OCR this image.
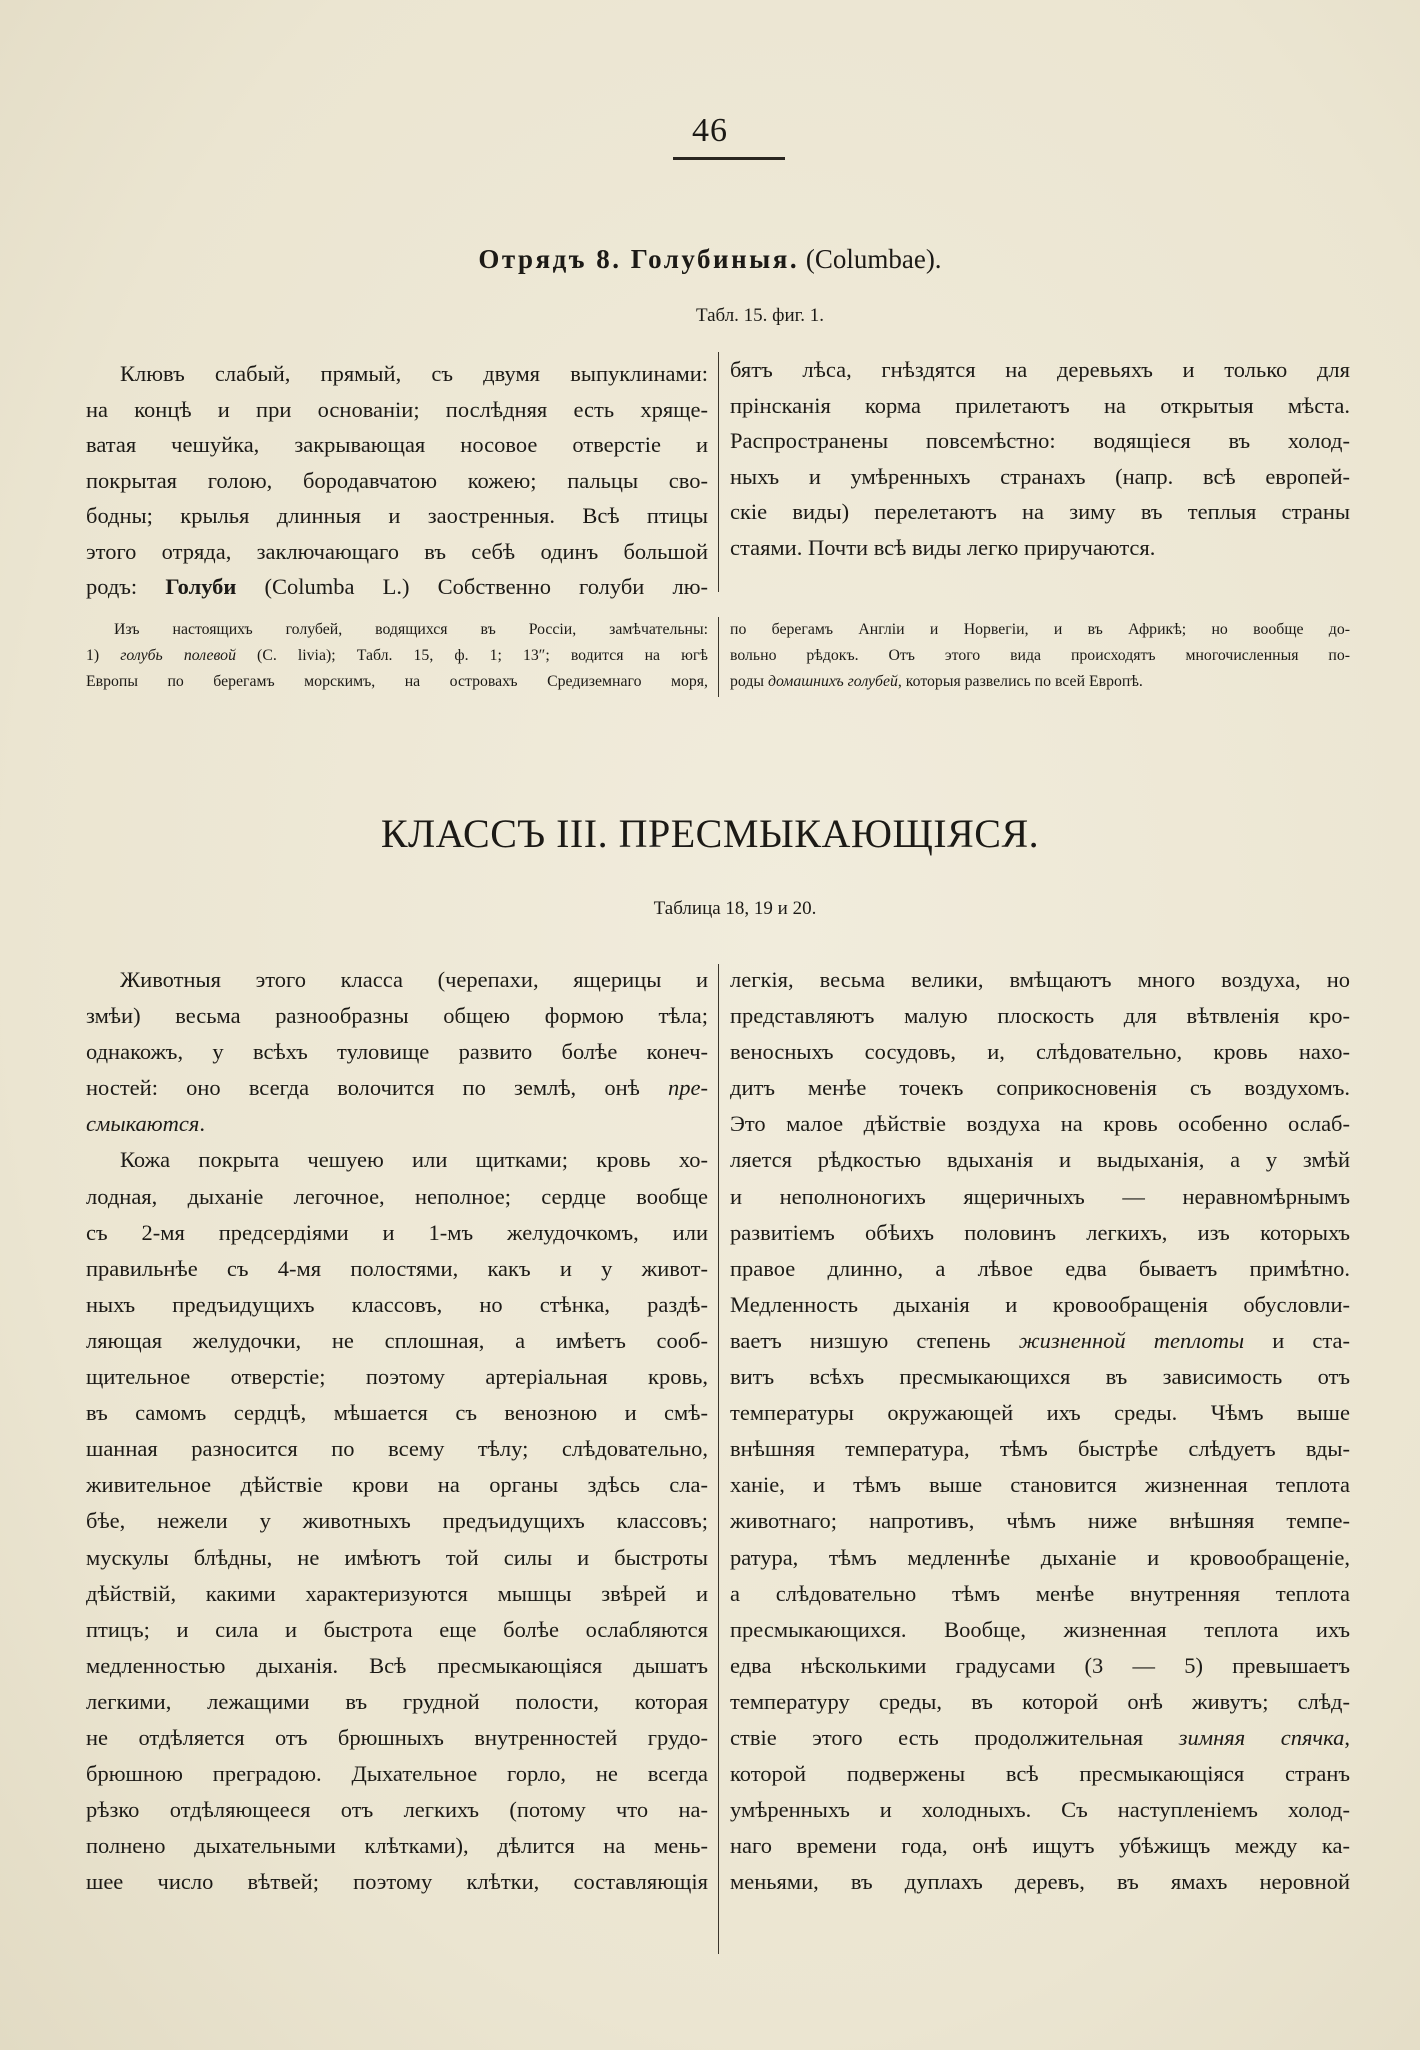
46
Отрядъ 8. Голубиныя. (Columbae).
Табл. 15. фиг. 1.
Клювъ слабый, прямый, съ двумя выпуклинами:
на концѣ и при основаніи; послѣдняя есть хряще-
ватая чешуйка, закрывающая носовое отверстіе и
покрытая голою, бородавчатою кожею; пальцы сво-
бодны; крылья длинныя и заостренныя. Всѣ птицы
этого отряда, заключающаго въ себѣ одинъ большой
родъ: Голуби (Columba L.) Собственно голуби лю-
бятъ лѣса, гнѣздятся на деревьяхъ и только для
прінсканія корма прилетаютъ на открытыя мѣста.
Распространены повсемѣстно: водящіеся въ холод-
ныхъ и умѣренныхъ странахъ (напр. всѣ европей-
скіе виды) перелетаютъ на зиму въ теплыя страны
стаями. Почти всѣ виды легко приручаются.
Изъ настоящихъ голубей, водящихся въ Россіи, замѣчательны:
1) голубь полевой (C. livia); Табл. 15, ф. 1; 13″; водится на югѣ
Европы по берегамъ морскимъ, на островахъ Средиземнаго моря,
по берегамъ Англіи и Норвегіи, и въ Африкѣ; но вообще до-
вольно рѣдокъ. Отъ этого вида происходятъ многочисленныя по-
роды домашнихъ голубей, которыя развелись по всей Европѣ.
КЛАССЪ III. ПРЕСМЫКАЮЩІЯСЯ.
Таблица 18, 19 и 20.
Животныя этого класса (черепахи, ящерицы и
змѣи) весьма разнообразны общею формою тѣла;
однакожъ, у всѣхъ туловище развито болѣе конеч-
ностей: оно всегда волочится по землѣ, онѣ пре-
смыкаются.
Кожа покрыта чешуею или щитками; кровь хо-
лодная, дыханіе легочное, неполное; сердце вообще
съ 2-мя предсердіями и 1-мъ желудочкомъ, или
правильнѣе съ 4-мя полостями, какъ и у живот-
ныхъ предъидущихъ классовъ, но стѣнка, раздѣ-
ляющая желудочки, не сплошная, а имѣетъ сооб-
щительное отверстіе; поэтому артеріальная кровь,
въ самомъ сердцѣ, мѣшается съ венозною и смѣ-
шанная разносится по всему тѣлу; слѣдовательно,
живительное дѣйствіе крови на органы здѣсь сла-
бѣе, нежели у животныхъ предъидущихъ классовъ;
мускулы блѣдны, не имѣютъ той силы и быстроты
дѣйствій, какими характеризуются мышцы звѣрей и
птицъ; и сила и быстрота еще болѣе ослабляются
медленностью дыханія. Всѣ пресмыкающіяся дышатъ
легкими, лежащими въ грудной полости, которая
не отдѣляется отъ брюшныхъ внутренностей грудо-
брюшною преградою. Дыхательное горло, не всегда
рѣзко отдѣляющееся отъ легкихъ (потому что на-
полнено дыхательными клѣтками), дѣлится на мень-
шее число вѣтвей; поэтому клѣтки, составляющія
легкія, весьма велики, вмѣщаютъ много воздуха, но
представляютъ малую плоскость для вѣтвленія кро-
веносныхъ сосудовъ, и, слѣдовательно, кровь нахо-
дитъ менѣе точекъ соприкосновенія съ воздухомъ.
Это малое дѣйствіе воздуха на кровь особенно ослаб-
ляется рѣдкостью вдыханія и выдыханія, а у змѣй
и неполноногихъ ящеричныхъ — неравномѣрнымъ
развитіемъ обѣихъ половинъ легкихъ, изъ которыхъ
правое длинно, а лѣвое едва бываетъ примѣтно.
Медленность дыханія и кровообращенія обусловли-
ваетъ низшую степень жизненной теплоты и ста-
витъ всѣхъ пресмыкающихся въ зависимость отъ
температуры окружающей ихъ среды. Чѣмъ выше
внѣшняя температура, тѣмъ быстрѣе слѣдуетъ вды-
ханіе, и тѣмъ выше становится жизненная теплота
животнаго; напротивъ, чѣмъ ниже внѣшняя темпе-
ратура, тѣмъ медленнѣе дыханіе и кровообращеніе,
а слѣдовательно тѣмъ менѣе внутренняя теплота
пресмыкающихся. Вообще, жизненная теплота ихъ
едва нѣсколькими градусами (3 — 5) превышаетъ
температуру среды, въ которой онѣ живутъ; слѣд-
ствіе этого есть продолжительная зимняя спячка,
которой подвержены всѣ пресмыкающіяся странъ
умѣренныхъ и холодныхъ. Съ наступленіемъ холод-
наго времени года, онѣ ищутъ убѣжищъ между ка-
меньями, въ дуплахъ деревъ, въ ямахъ неровной
